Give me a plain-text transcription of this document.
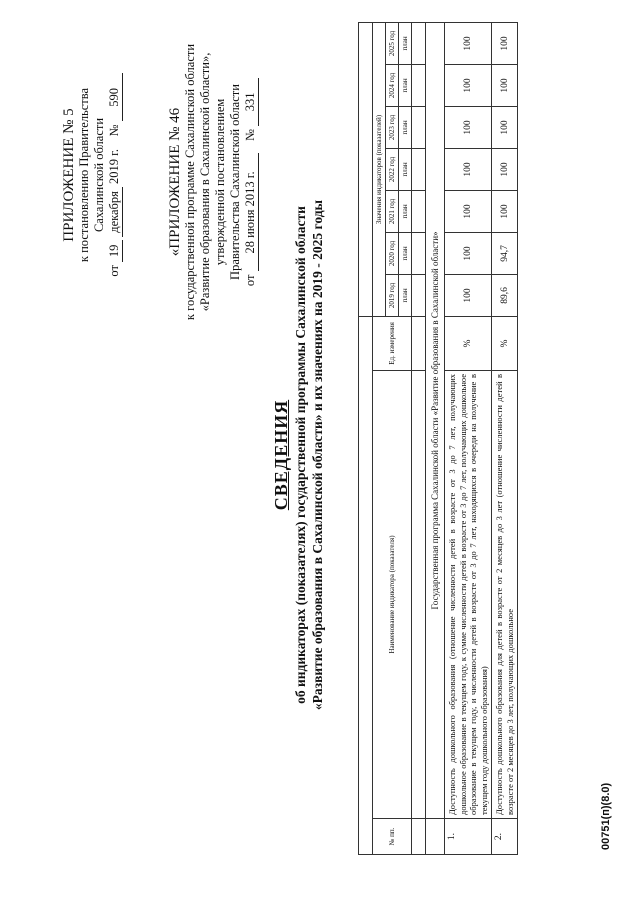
ПРИЛОЖЕНИЕ № 5 к постановлению Правительства Сахалинской области
от 19 декабря 2019 г.    № 590
«ПРИЛОЖЕНИЕ № 46 к государственной программе Сахалинской области «Развитие образования в Сахалинской области», утвержденной постановлением Правительства Сахалинской области
от 28 июня 2013 г.    № 331
СВЕДЕНИЯ об индикаторах (показателях) государственной программы Сахалинской области «Развитие образования в Сахалинской области» и их значениях на 2019 - 2025 годы

№ пп.	Наименование индикатора (показателя)	Ед. измерения	Значения индикаторов (показателей)						
			2019 год	2020 год	2021 год	2022 год	2023 год	2024 год	2025 год
			план	план	план	план	план	план	план

	Государственная программа Сахалинской области «Развитие образования в Сахалинской области»								
1.	Доступность дошкольного образования (отношение численности детей в возрасте от 3 до 7 лет, получающих дошкольное образование в текущем году, к сумме численности детей в возрасте от 3 до 7 лет, получающих дошкольное образование в текущем году, и численности детей в возрасте от 3 до 7 лет, находящихся в очереди на получение в текущем году дошкольного образования)	%	100	100	100	100	100	100	100
2.	Доступность дошкольного образования для детей в возрасте от 2 месяцев до 3 лет (отношение численности детей в возрасте от 2 месяцев до 3 лет, получающих дошкольное	%	89,6	94,7	100	100	100	100	100
00751(п)(8.0)
